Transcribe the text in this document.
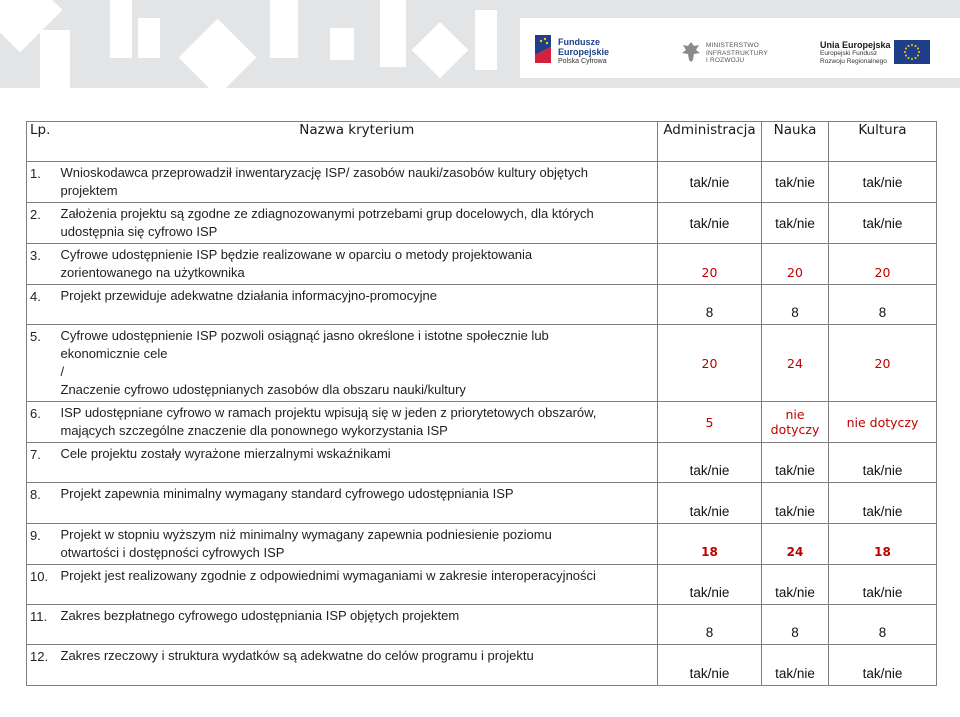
Fundusze Europejskie
Polska Cyfrowa
MINISTERSTWO
INFRASTRUKTURY
I ROZWOJU
Unia Europejska
Europejski Fundusz
Rozwoju Regionalnego
Lp.	Nazwa kryterium	Administracja	Nauka	Kultura
1.	Wnioskodawca przeprowadził inwentaryzację ISP/ zasobów nauki/zasobów kultury objętych
projektem	tak/nie	tak/nie	tak/nie
2.	Założenia projektu są zgodne ze zdiagnozowanymi potrzebami grup docelowych, dla których
udostępnia się cyfrowo ISP	tak/nie	tak/nie	tak/nie
3.	Cyfrowe udostępnienie ISP będzie realizowane w oparciu o metody projektowania
zorientowanego na użytkownika	20	20	20
4.	Projekt przewiduje adekwatne działania informacyjno-promocyjne	8	8	8
5.	Cyfrowe udostępnienie ISP pozwoli osiągnąć jasno określone i istotne społecznie lub
ekonomicznie cele
/
Znaczenie cyfrowo udostępnianych zasobów dla obszaru nauki/kultury	20	24	20
6.	ISP udostępniane cyfrowo w ramach projektu wpisują się w jeden z priorytetowych obszarów,
mających szczególne znaczenie dla ponownego wykorzystania ISP	5	nie dotyczy	nie dotyczy
7.	Cele projektu zostały wyrażone mierzalnymi wskaźnikami	tak/nie	tak/nie	tak/nie
8.	Projekt zapewnia minimalny wymagany standard cyfrowego udostępniania ISP	tak/nie	tak/nie	tak/nie
9.	Projekt w stopniu wyższym niż minimalny wymagany zapewnia podniesienie poziomu
otwartości i dostępności cyfrowych ISP	18	24	18
10.	Projekt jest realizowany zgodnie z odpowiednimi wymaganiami w zakresie interoperacyjności	tak/nie	tak/nie	tak/nie
11.	Zakres bezpłatnego cyfrowego udostępniania ISP objętych projektem	8	8	8
12.	Zakres rzeczowy i struktura wydatków są adekwatne do celów programu i projektu	tak/nie	tak/nie	tak/nie
